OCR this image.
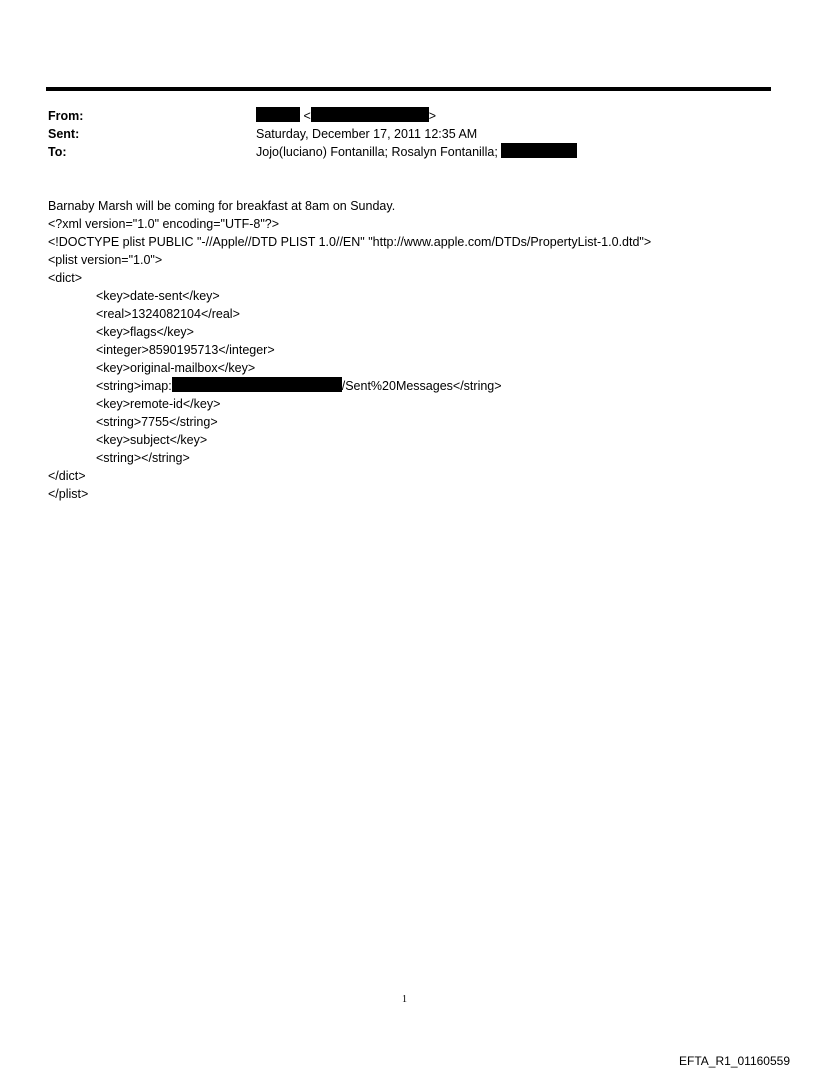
From:	<	>
Sent:	Saturday, December 17, 2011 12:35 AM
To:	Jojo(luciano) Fontanilla; Rosalyn Fontanilla;
Barnaby Marsh will be coming for breakfast at 8am on Sunday.
<?xml version="1.0" encoding="UTF-8"?>
<!DOCTYPE plist PUBLIC "-//Apple//DTD PLIST 1.0//EN" "http://www.apple.com/DTDs/PropertyList-1.0.dtd">
<plist version="1.0">
<dict>
<key>date-sent</key>
<real>1324082104</real>
<key>flags</key>
<integer>8590195713</integer>
<key>original-mailbox</key>
<string>imap:	/Sent%20Messages</string>
<key>remote-id</key>
<string>7755</string>
<key>subject</key>
<string></string>
</dict>
</plist>
1
EFTA_R1_01160559
